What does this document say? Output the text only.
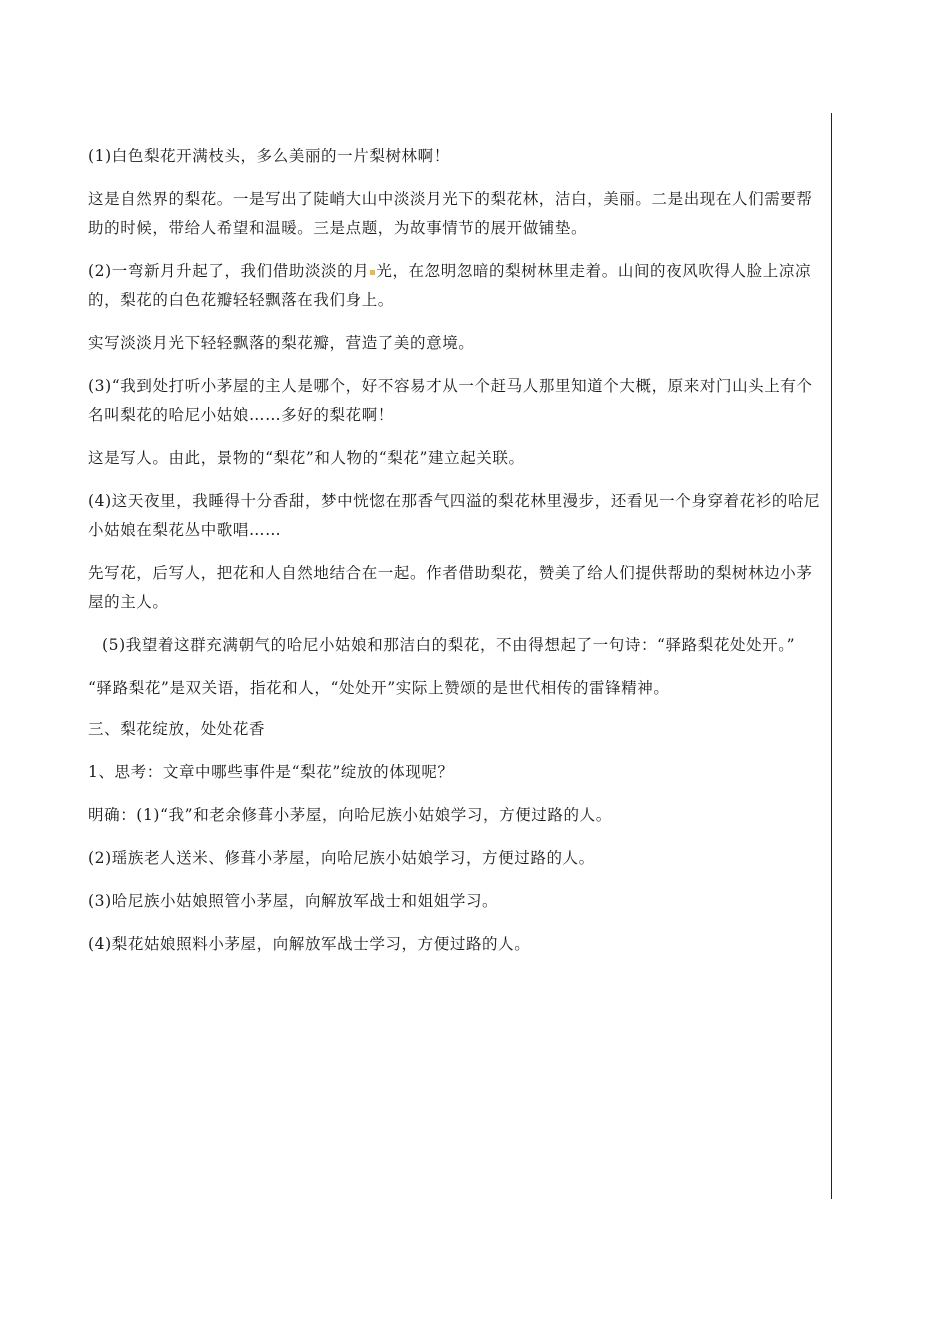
(1)白色梨花开满枝头，多么美丽的一片梨树林啊！

这是自然界的梨花。一是写出了陡峭大山中淡淡月光下的梨花林，洁白，美丽。二是出现在人们需要帮助的时候，带给人希望和温暖。三是点题，为故事情节的展开做铺垫。

(2)一弯新月升起了，我们借助淡淡的月 光，在忽明忽暗的梨树林里走着。山间的夜风吹得人脸上凉凉的，梨花的白色花瓣轻轻飘落在我们身上。

实写淡淡月光下轻轻飘落的梨花瓣，营造了美的意境。

(3)“我到处打听小茅屋的主人是哪个，好不容易才从一个赶马人那里知道个大概，原来对门山头上有个名叫梨花的哈尼小姑娘……多好的梨花啊！

这是写人。由此，景物的“梨花”和人物的“梨花”建立起关联。

(4)这天夜里，我睡得十分香甜，梦中恍惚在那香气四溢的梨花林里漫步，还看见一个身穿着花衫的哈尼小姑娘在梨花丛中歌唱……

先写花，后写人，把花和人自然地结合在一起。作者借助梨花，赞美了给人们提供帮助的梨树林边小茅屋的主人。

(5)我望着这群充满朝气的哈尼小姑娘和那洁白的梨花，不由得想起了一句诗：“驿路梨花处处开。”

“驿路梨花”是双关语，指花和人，“处处开”实际上赞颂的是世代相传的雷锋精神。

三、梨花绽放，处处花香

1、思考：文章中哪些事件是“梨花”绽放的体现呢？

明确：(1)“我”和老余修葺小茅屋，向哈尼族小姑娘学习，方便过路的人。

(2)瑶族老人送米、修葺小茅屋，向哈尼族小姑娘学习，方便过路的人。

(3)哈尼族小姑娘照管小茅屋，向解放军战士和姐姐学习。

(4)梨花姑娘照料小茅屋，向解放军战士学习，方便过路的人。
